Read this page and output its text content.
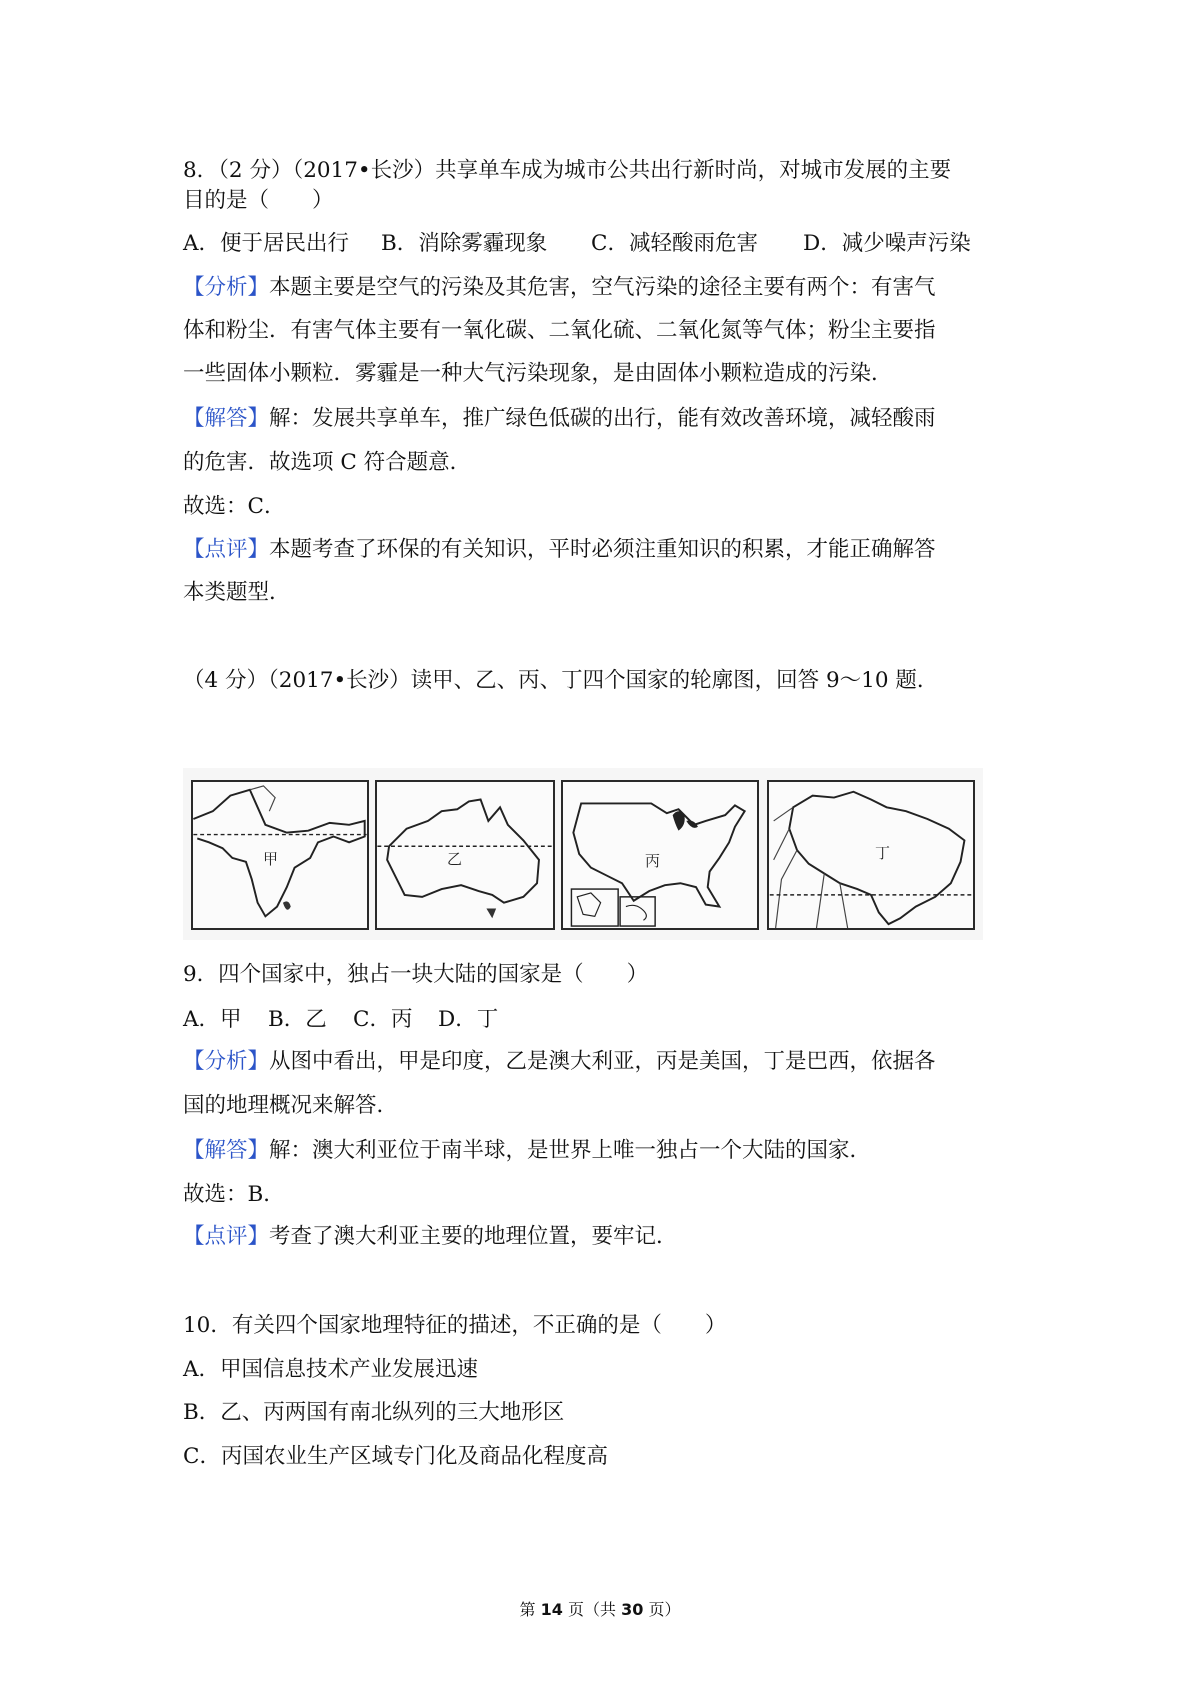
8．（2 分）（2017•长沙）共享单车成为城市公共出行新时尚，对城市发展的主要
目的是（　　）
A．便于居民出行 B．消除雾霾现象 C．减轻酸雨危害 D．减少噪声污染
【分析】本题主要是空气的污染及其危害，空气污染的途径主要有两个：有害气
体和粉尘．有害气体主要有一氧化碳、二氧化硫、二氧化氮等气体；粉尘主要指
一些固体小颗粒．雾霾是一种大气污染现象，是由固体小颗粒造成的污染．
【解答】解：发展共享单车，推广绿色低碳的出行，能有效改善环境，减轻酸雨
的危害．故选项 C 符合题意．
故选：C．
【点评】本题考查了环保的有关知识，平时必须注重知识的积累，才能正确解答
本类题型．
（4 分）（2017•长沙）读甲、乙、丙、丁四个国家的轮廓图，回答 9～10 题．
甲	乙	丙	丁
9．四个国家中，独占一块大陆的国家是（　　）
A．甲 B．乙 C．丙 D．丁
【分析】从图中看出，甲是印度，乙是澳大利亚，丙是美国，丁是巴西，依据各
国的地理概况来解答．
【解答】解：澳大利亚位于南半球，是世界上唯一独占一个大陆的国家．
故选：B．
【点评】考查了澳大利亚主要的地理位置，要牢记．
10．有关四个国家地理特征的描述，不正确的是（　　）
A．甲国信息技术产业发展迅速
B．乙、丙两国有南北纵列的三大地形区
C．丙国农业生产区域专门化及商品化程度高
第 14 页（共 30 页）
